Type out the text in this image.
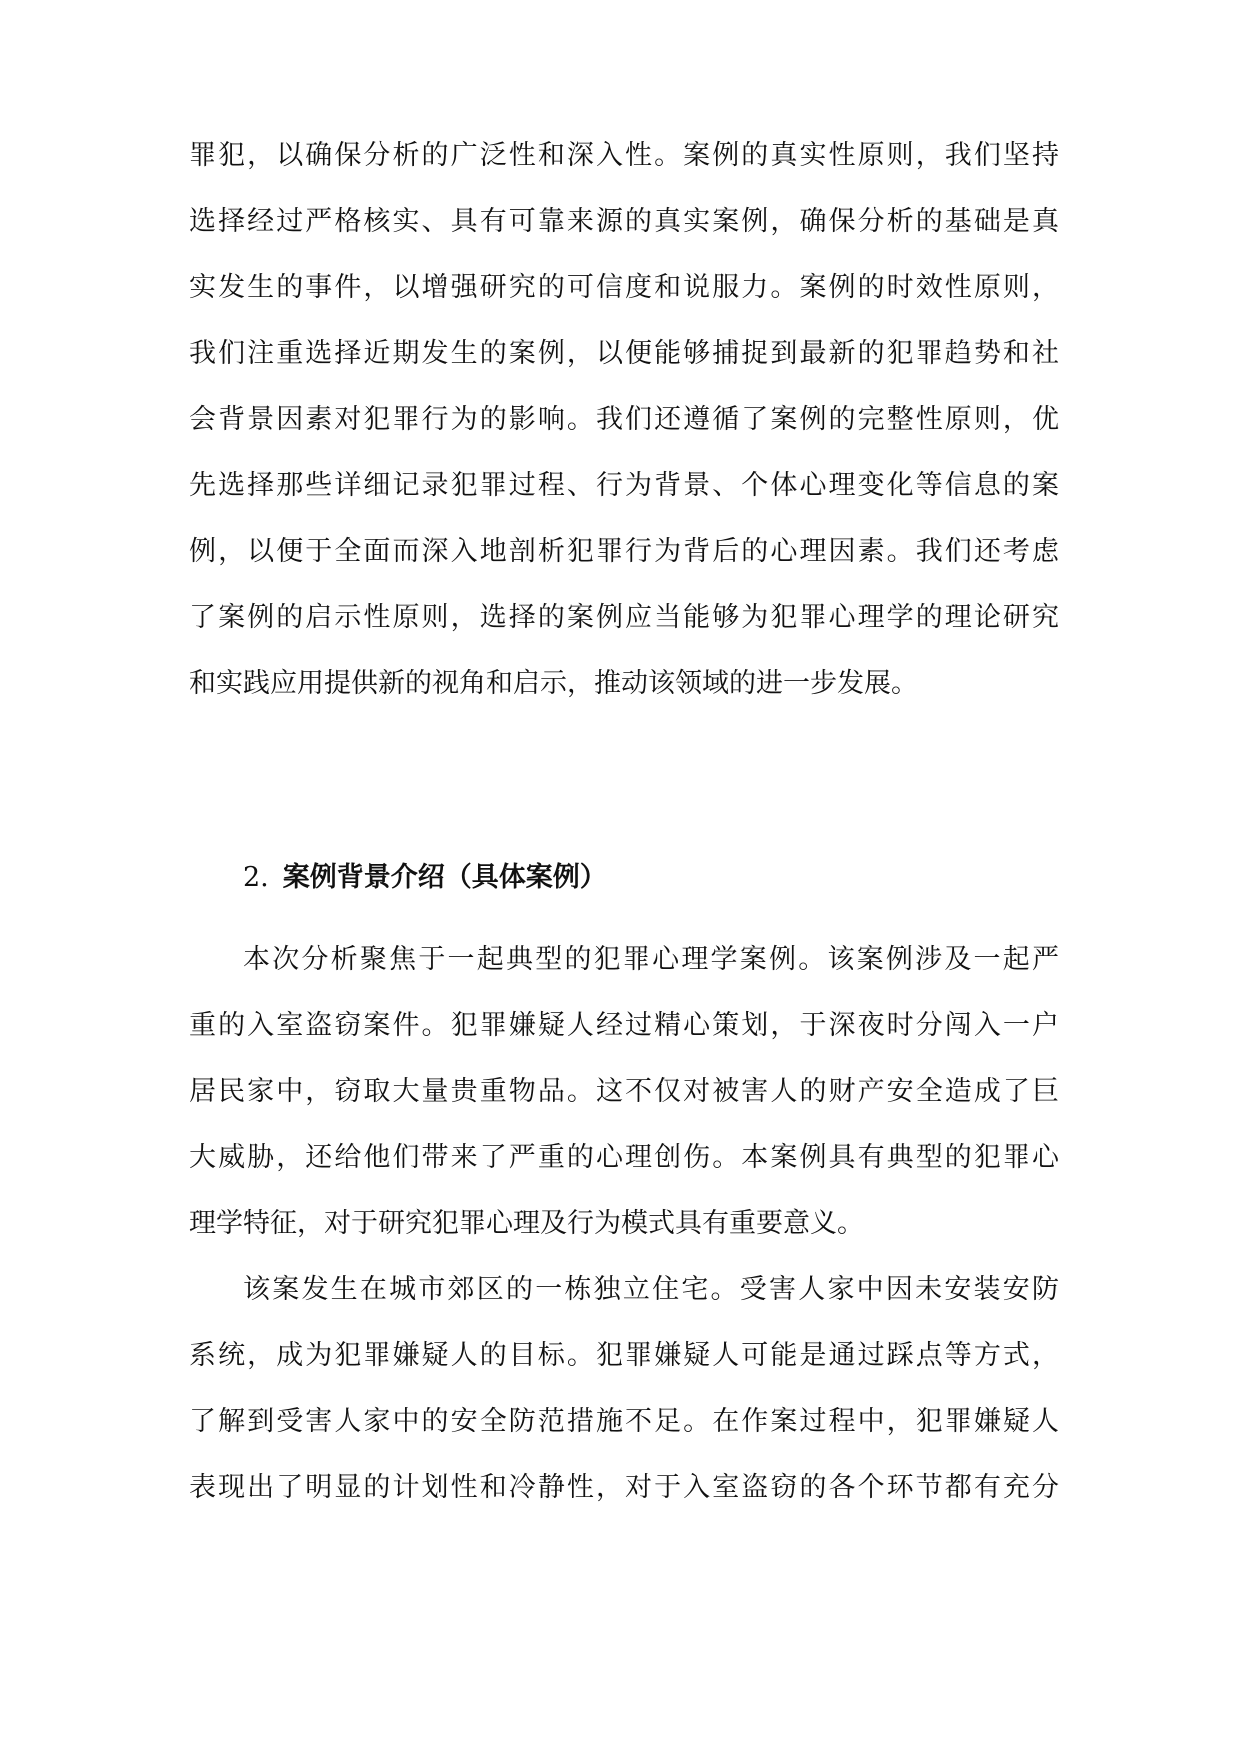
罪犯，以确保分析的广泛性和深入性。案例的真实性原则，我们坚持
选择经过严格核实、具有可靠来源的真实案例，确保分析的基础是真
实发生的事件，以增强研究的可信度和说服力。案例的时效性原则，
我们注重选择近期发生的案例，以便能够捕捉到最新的犯罪趋势和社
会背景因素对犯罪行为的影响。我们还遵循了案例的完整性原则，优
先选择那些详细记录犯罪过程、行为背景、个体心理变化等信息的案
例，以便于全面而深入地剖析犯罪行为背后的心理因素。我们还考虑
了案例的启示性原则，选择的案例应当能够为犯罪心理学的理论研究
和实践应用提供新的视角和启示，推动该领域的进一步发展。
2. 案例背景介绍（具体案例）
本次分析聚焦于一起典型的犯罪心理学案例。该案例涉及一起严
重的入室盗窃案件。犯罪嫌疑人经过精心策划，于深夜时分闯入一户
居民家中，窃取大量贵重物品。这不仅对被害人的财产安全造成了巨
大威胁，还给他们带来了严重的心理创伤。本案例具有典型的犯罪心
理学特征，对于研究犯罪心理及行为模式具有重要意义。
该案发生在城市郊区的一栋独立住宅。受害人家中因未安装安防
系统，成为犯罪嫌疑人的目标。犯罪嫌疑人可能是通过踩点等方式，
了解到受害人家中的安全防范措施不足。在作案过程中，犯罪嫌疑人
表现出了明显的计划性和冷静性，对于入室盗窃的各个环节都有充分
